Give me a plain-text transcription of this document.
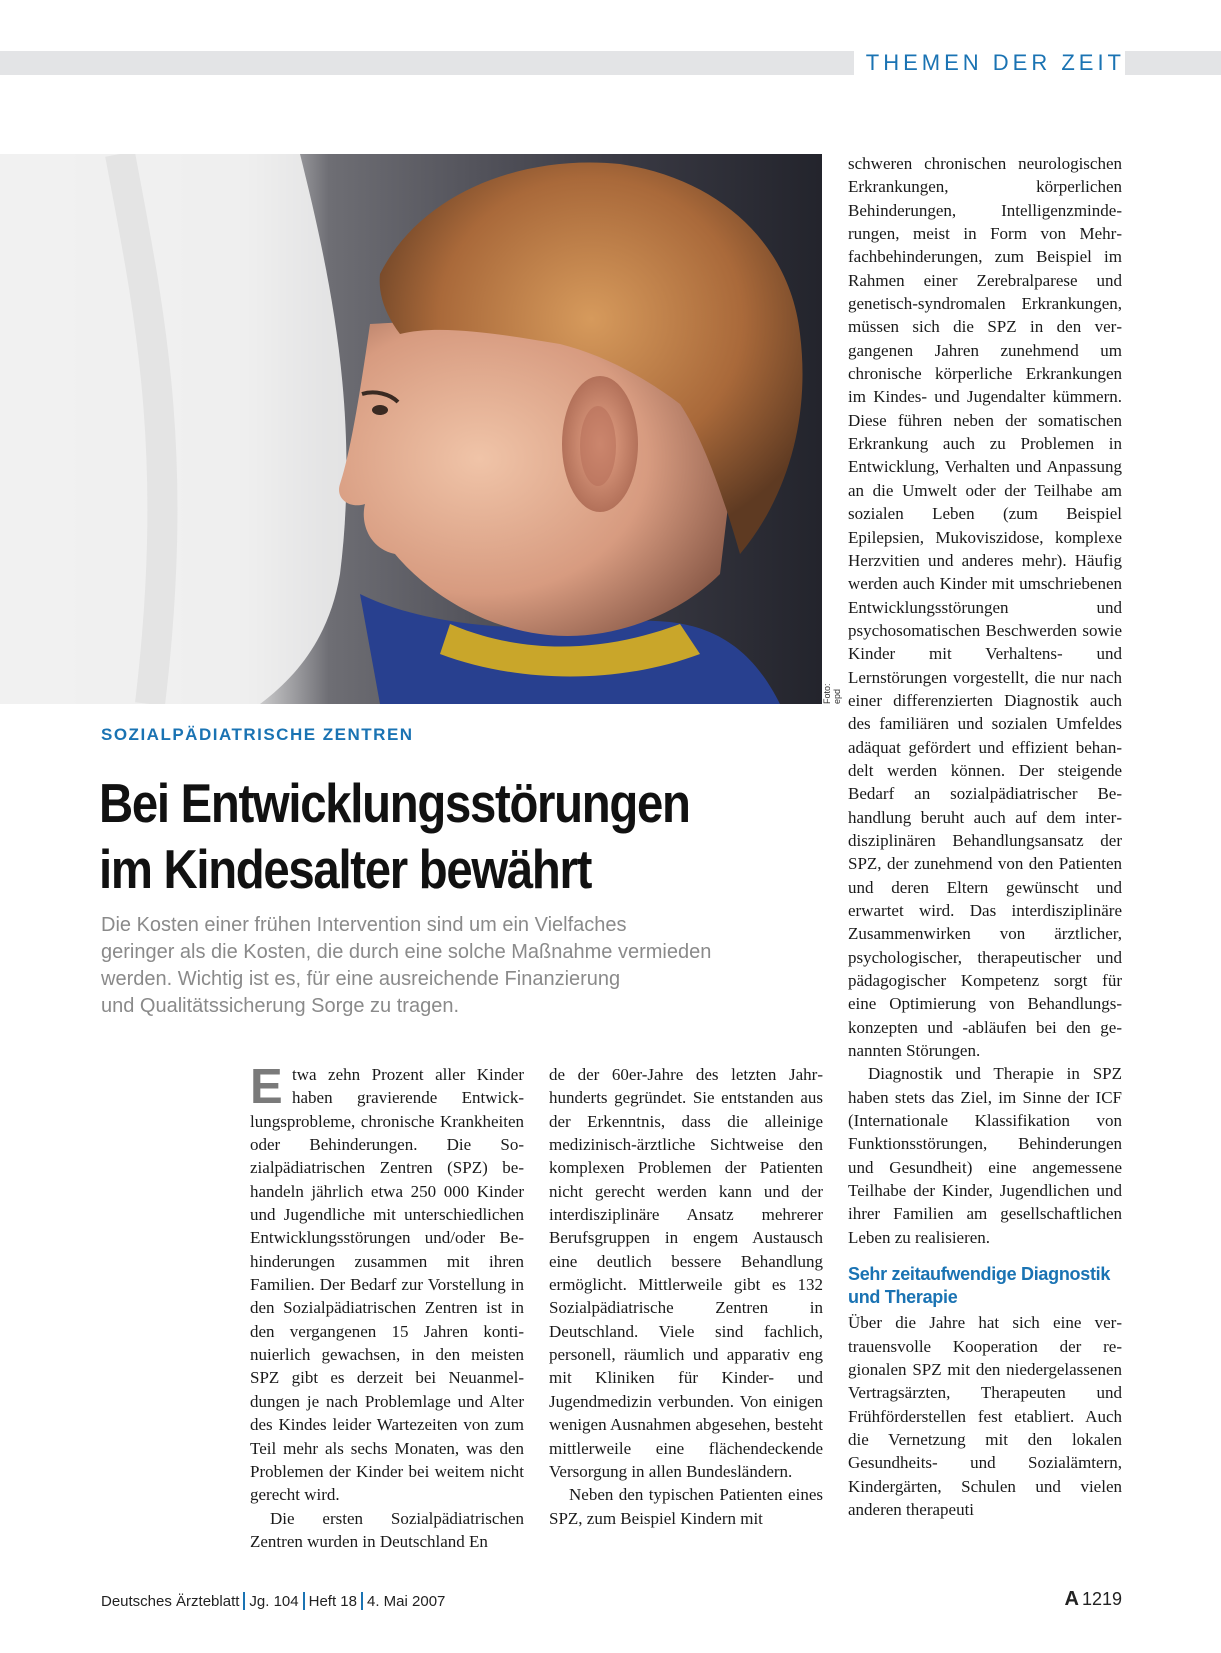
THEMEN DER ZEIT
Foto: epd
SOZIALPÄDIATRISCHE ZENTREN
Bei Entwicklungsstörungen
im Kindesalter bewährt
Die Kosten einer frühen Intervention sind um ein Vielfaches
geringer als die Kosten, die durch eine solche Maßnahme vermieden
werden. Wichtig ist es, für eine ausreichende Finanzierung
und Qualitätssicherung Sorge zu tragen.

Etwa zehn Prozent aller Kinder haben gravierende Entwicklungsprobleme, chronische Krankheiten oder Behinderungen. Die Sozialpädiatrischen Zentren (SPZ) behandeln jährlich etwa 250 000 Kinder und Jugendliche mit unterschiedlichen Entwicklungsstörungen und/oder Behinderungen zusammen mit ihren Familien. Der Bedarf zur Vorstellung in den Sozialpädiatrischen Zentren ist in den vergangenen 15 Jahren kontinuierlich gewachsen, in den meisten SPZ gibt es derzeit bei Neuanmeldungen je nach Problemlage und Alter des Kindes leider Wartezeiten von zum Teil mehr als sechs Monaten, was den Problemen der Kinder bei weitem nicht gerecht wird.

Die ersten Sozialpädiatrischen Zentren wurden in Deutschland En

de der 60er-Jahre des letzten Jahrhunderts gegründet. Sie entstanden aus der Erkenntnis, dass die alleinige medizinisch-ärztliche Sichtweise den komplexen Problemen der Patienten nicht gerecht werden kann und der interdisziplinäre Ansatz mehrerer Berufsgruppen in engem Austausch eine deutlich bessere Behandlung ermöglicht. Mittlerweile gibt es 132 Sozialpädiatrische Zentren in Deutschland. Viele sind fachlich, personell, räumlich und apparativ eng mit Kliniken für Kinder- und Jugendmedizin verbunden. Von einigen wenigen Ausnahmen abgesehen, besteht mittlerweile eine flächendeckende Versorgung in allen Bundesländern.

Neben den typischen Patienten eines SPZ, zum Beispiel Kindern mit

schweren chronischen neurologischen Erkrankungen, körperlichen Behinderungen, Intelligenzminderungen, meist in Form von Mehrfachbehinderungen, zum Beispiel im Rahmen einer Zerebralparese und genetisch-syndromalen Erkrankungen, müssen sich die SPZ in den vergangenen Jahren zunehmend um chronische körperliche Erkrankungen im Kindes- und Jugendalter kümmern. Diese führen neben der somatischen Erkrankung auch zu Problemen in Entwicklung, Verhalten und Anpassung an die Umwelt oder der Teilhabe am sozialen Leben (zum Beispiel Epilepsien, Mukoviszidose, komplexe Herzvitien und anderes mehr). Häufig werden auch Kinder mit umschriebenen Entwicklungsstörungen und psychosomatischen Beschwerden sowie Kinder mit Verhaltens- und Lernstörungen vorgestellt, die nur nach einer differenzierten Diagnostik auch des familiären und sozialen Umfeldes adäquat gefördert und effizient behandelt werden können. Der steigende Bedarf an sozialpädiatrischer Behandlung beruht auch auf dem interdisziplinären Behandlungsansatz der SPZ, der zunehmend von den Patienten und deren Eltern gewünscht und erwartet wird. Das interdisziplinäre Zusammenwirken von ärztlicher, psychologischer, therapeutischer und pädagogischer Kompetenz sorgt für eine Optimierung von Behandlungskonzepten und -abläufen bei den genannten Störungen.

Diagnostik und Therapie in SPZ haben stets das Ziel, im Sinne der ICF (Internationale Klassifikation von Funktionsstörungen, Behinderungen und Gesundheit) eine angemessene Teilhabe der Kinder, Jugendlichen und ihrer Familien am gesellschaftlichen Leben zu realisieren.

Sehr zeitaufwendige Diagnostik und Therapie

Über die Jahre hat sich eine vertrauensvolle Kooperation der regionalen SPZ mit den niedergelassenen Vertragsärzten, Therapeuten und Frühförderstellen fest etabliert. Auch die Vernetzung mit den lokalen Gesundheits- und Sozialämtern, Kindergärten, Schulen und vielen anderen therapeuti

Deutsches Ärzteblatt Jg. 104 Heft 18 4. Mai 2007	A 1219
